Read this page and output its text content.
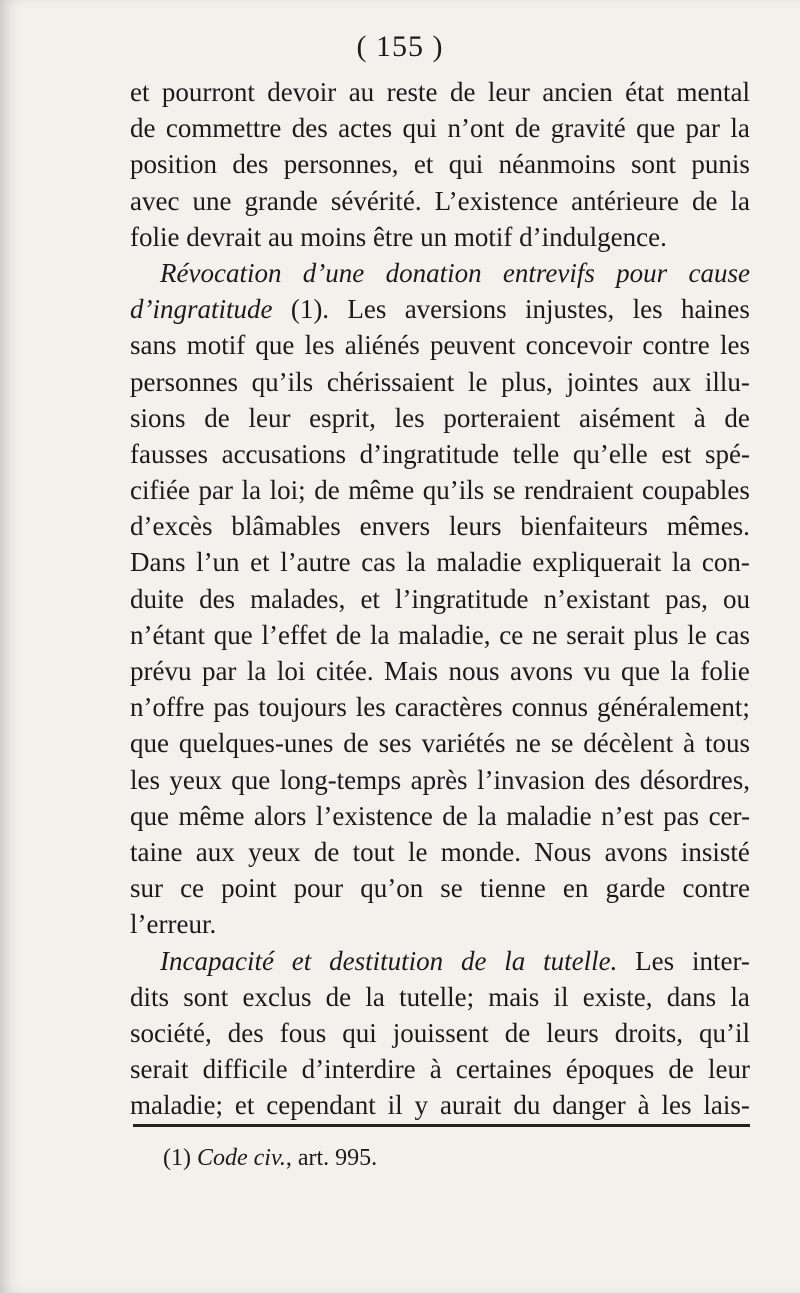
( 155 )
et pourront devoir au reste de leur ancien état mental
de commettre des actes qui n’ont de gravité que par la
position des personnes, et qui néanmoins sont punis
avec une grande sévérité. L’existence antérieure de la
folie devrait au moins être un motif d’indulgence.
Révocation d’une donation entrevifs pour cause
d’ingratitude (1). Les aversions injustes, les haines
sans motif que les aliénés peuvent concevoir contre les
personnes qu’ils chérissaient le plus, jointes aux illu-
sions de leur esprit, les porteraient aisément à de
fausses accusations d’ingratitude telle qu’elle est spé-
cifiée par la loi; de même qu’ils se rendraient coupables
d’excès blâmables envers leurs bienfaiteurs mêmes.
Dans l’un et l’autre cas la maladie expliquerait la con-
duite des malades, et l’ingratitude n’existant pas, ou
n’étant que l’effet de la maladie, ce ne serait plus le cas
prévu par la loi citée. Mais nous avons vu que la folie
n’offre pas toujours les caractères connus généralement;
que quelques-unes de ses variétés ne se décèlent à tous
les yeux que long-temps après l’invasion des désordres,
que même alors l’existence de la maladie n’est pas cer-
taine aux yeux de tout le monde. Nous avons insisté
sur ce point pour qu’on se tienne en garde contre
l’erreur.
Incapacité et destitution de la tutelle. Les inter-
dits sont exclus de la tutelle; mais il existe, dans la
société, des fous qui jouissent de leurs droits, qu’il
serait difficile d’interdire à certaines époques de leur
maladie; et cependant il y aurait du danger à les lais-
(1) Code civ., art. 995.
